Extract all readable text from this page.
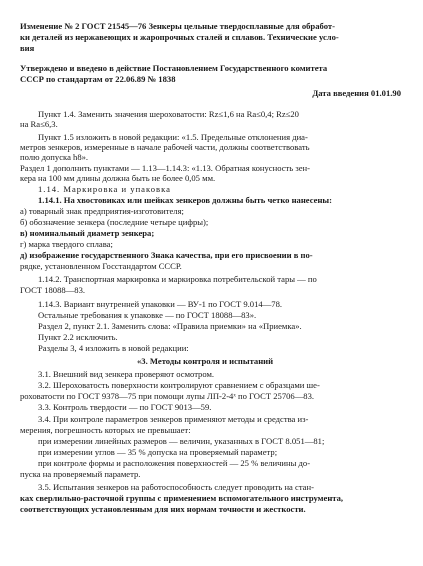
Изменение № 2 ГОСТ 21545—76 Зенкеры цельные твердосплавные для обработ-
ки деталей из нержавеющих и жаропрочных сталей и сплавов. Технические усло-
вия
Утверждено и введено в действие Постановлением Государственного комитета
СССР по стандартам от 22.06.89 № 1838
Дата введения 01.01.90
Пункт 1.4. Заменить значения шероховатости: Rz≤1,6 на Ra≤0,4; Rz≤20
на Ra≤6,3.
Пункт 1.5 изложить в новой редакции: «1.5. Предельные отклонения диа-
метров зенкеров, измеренные в начале рабочей части, должны соответствовать
полю допуска h8».
Раздел 1 дополнить пунктами — 1.13—1.14.3: «1.13. Обратная конусность зен-
кера на 100 мм длины должна быть не более 0,05 мм.
1.14. Маркировка и упаковка
1.14.1. На хвостовиках или шейках зенкеров должны быть четко нанесены:
а) товарный знак предприятия-изготовителя;
б) обозначение зенкера (последние четыре цифры);
в) номинальный диаметр зенкера;
г) марка твердого сплава;
д) изображение государственного Знака качества, при его присвоении в по-
рядке, установленном Госстандартом СССР.
1.14.2. Транспортная маркировка и маркировка потребительской тары — по
ГОСТ 18088—83.
1.14.3. Вариант внутренней упаковки — ВУ-1 по ГОСТ 9.014—78.
Остальные требования к упаковке — по ГОСТ 18088—83».
Раздел 2, пункт 2.1. Заменить слова: «Правила приемки» на «Приемка».
Пункт 2.2 исключить.
Разделы 3, 4 изложить в новой редакции:
«3. Методы контроля и испытаний
3.1. Внешний вид зенкера проверяют осмотром.
3.2. Шероховатость поверхности контролируют сравнением с образцами ше-
роховатости по ГОСТ 9378—75 при помощи лупы ЛП-2-4ˣ по ГОСТ 25706—83.
3.3. Контроль твердости — по ГОСТ 9013—59.
3.4. При контроле параметров зенкеров применяют методы и средства из-
мерения, погрешность которых не превышает:
при измерении линейных размеров — величин, указанных в ГОСТ 8.051—81;
при измерении углов — 35 % допуска на проверяемый параметр;
при контроле формы и расположения поверхностей — 25 % величины до-
пуска на проверяемый параметр.
3.5. Испытания зенкеров на работоспособность следует проводить на стан-
ках сверлильно-расточной группы с применением вспомогательного инструмента,
соответствующих установленным для них нормам точности и жесткости.
